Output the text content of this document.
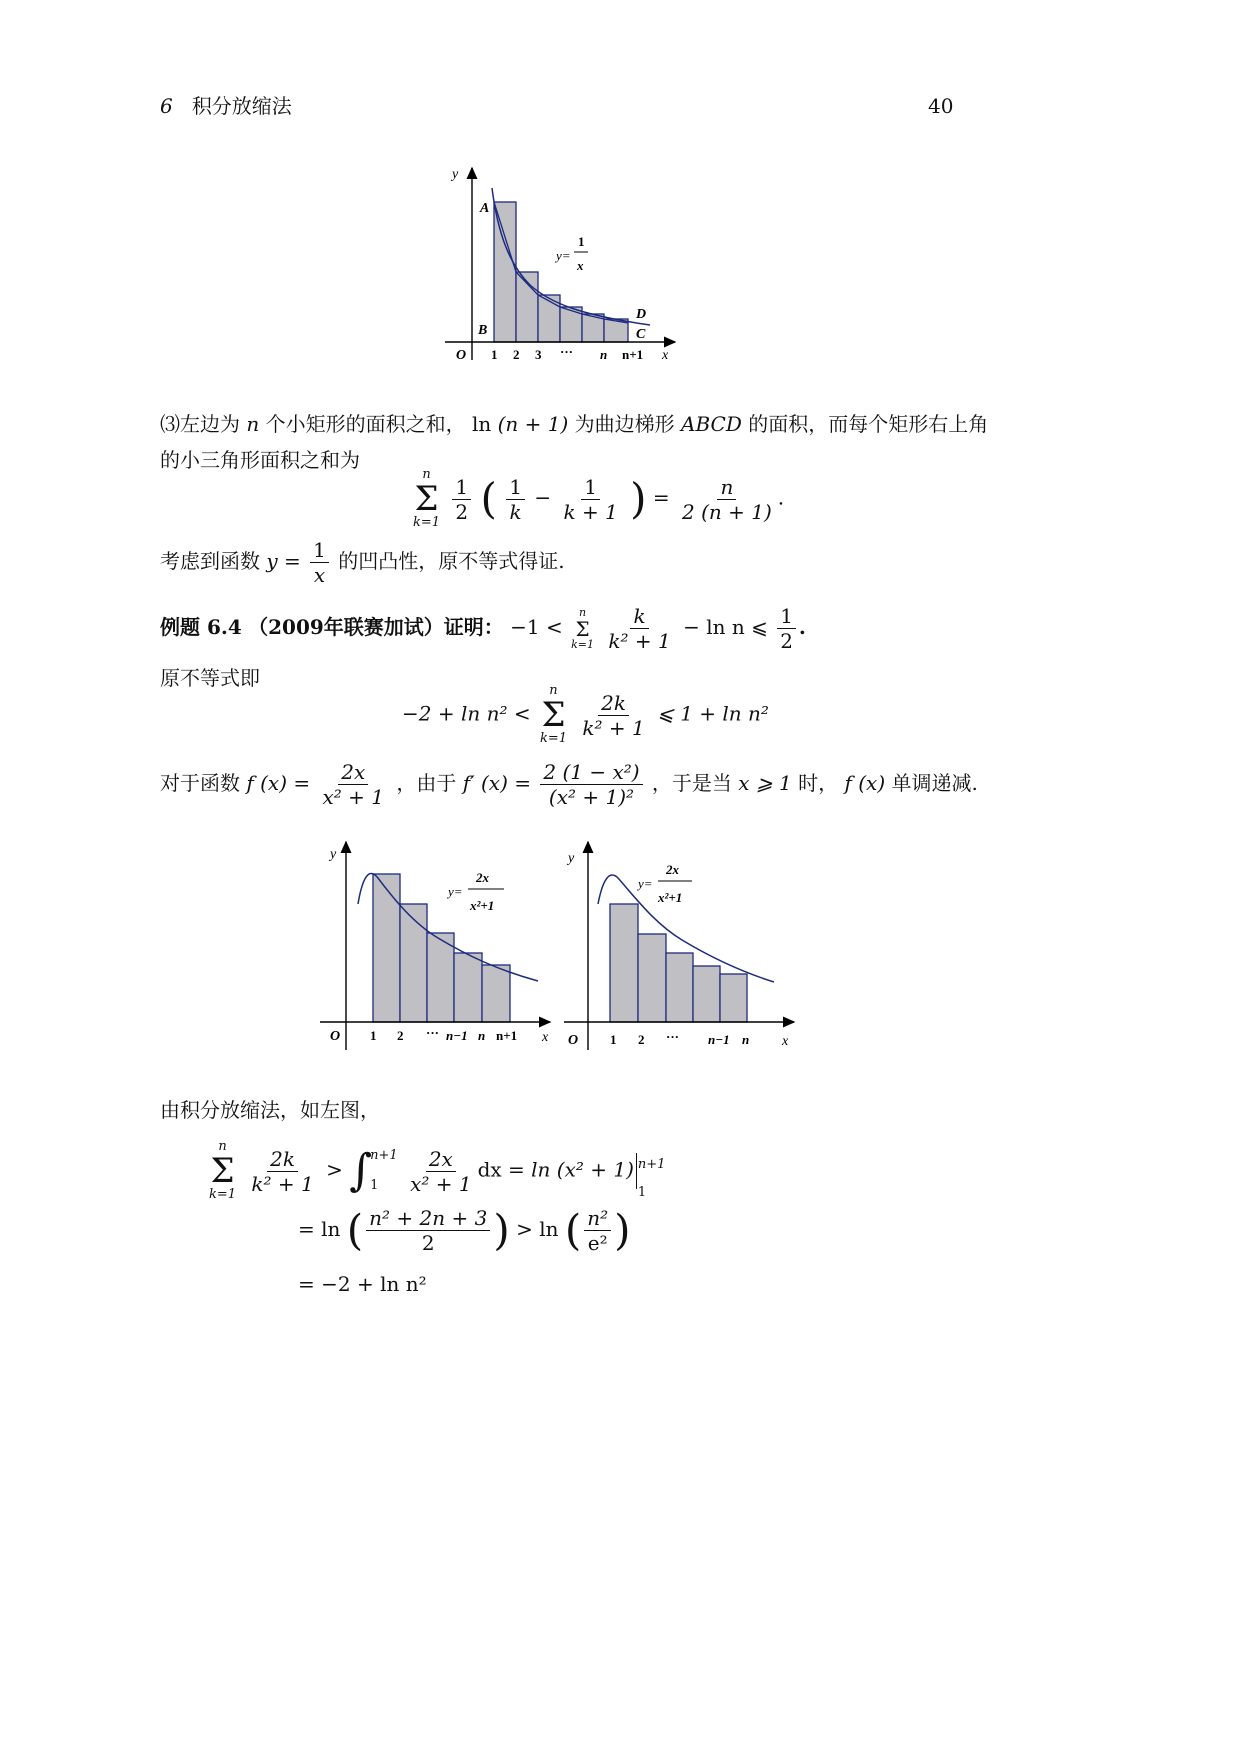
6 积分放缩法	40
y
x
O
A
B
D
C
y=
1
x
1 2 3 ··· n n+1
⑶左边为 n 个小矩形的面积之和， ln (n + 1) 为曲边梯形 ABCD 的面积，而每个矩形右上角
的小三角形面积之和为
n
Σ
k=1
$\frac{1}{2}$ ( $\frac{1}{k} - \frac{1}{k + 1}$ ) = $\frac{n}{2 (n + 1)}$ .
考虑到函数 $y = \frac{1}{x}$ 的凹凸性，原不等式得证.
例题 6.4 （2009年联赛加试）证明： −1 <
n
Σ
k=1
$\frac{k}{\text{k² + 1}} - \ln n$ ⩽ $\frac{1}{2}$ .
原不等式即
−2 + ln n² <
n
Σ
k=1
$\frac{2k}{\text{k² + 1}}$ ⩽ 1 + ln n²
对于函数 f $(x) = \frac{2x}{\text{x² + 1}}$ ，由于 f′ $(x) = \frac{\text{2 (1 − x²)}}{\text{(x² + 1)²}}$ ，于是当 x ⩾ 1 时， f (x) 单调递减.
y
x
O
y=
2x
x²+1
1 2 ··· n−1 n n+1
y
x
O
y=
2x
x²+1
1 2 ··· n−1 n
由积分放缩法，如左图，
n
Σ
k=1
$\frac{2k}{\text{k² + 1}}$ > ∫
n+1
1
	$\frac{2x}{\text{x² + 1}}$ dx = ln (x² + 1) n+1
1
= ln ( $\frac{\text{n² + 2n + 3}}{2}$ ) > ln ( $\frac{\text{n²}}{\text{e²}}$ )
= −2 + ln n²
